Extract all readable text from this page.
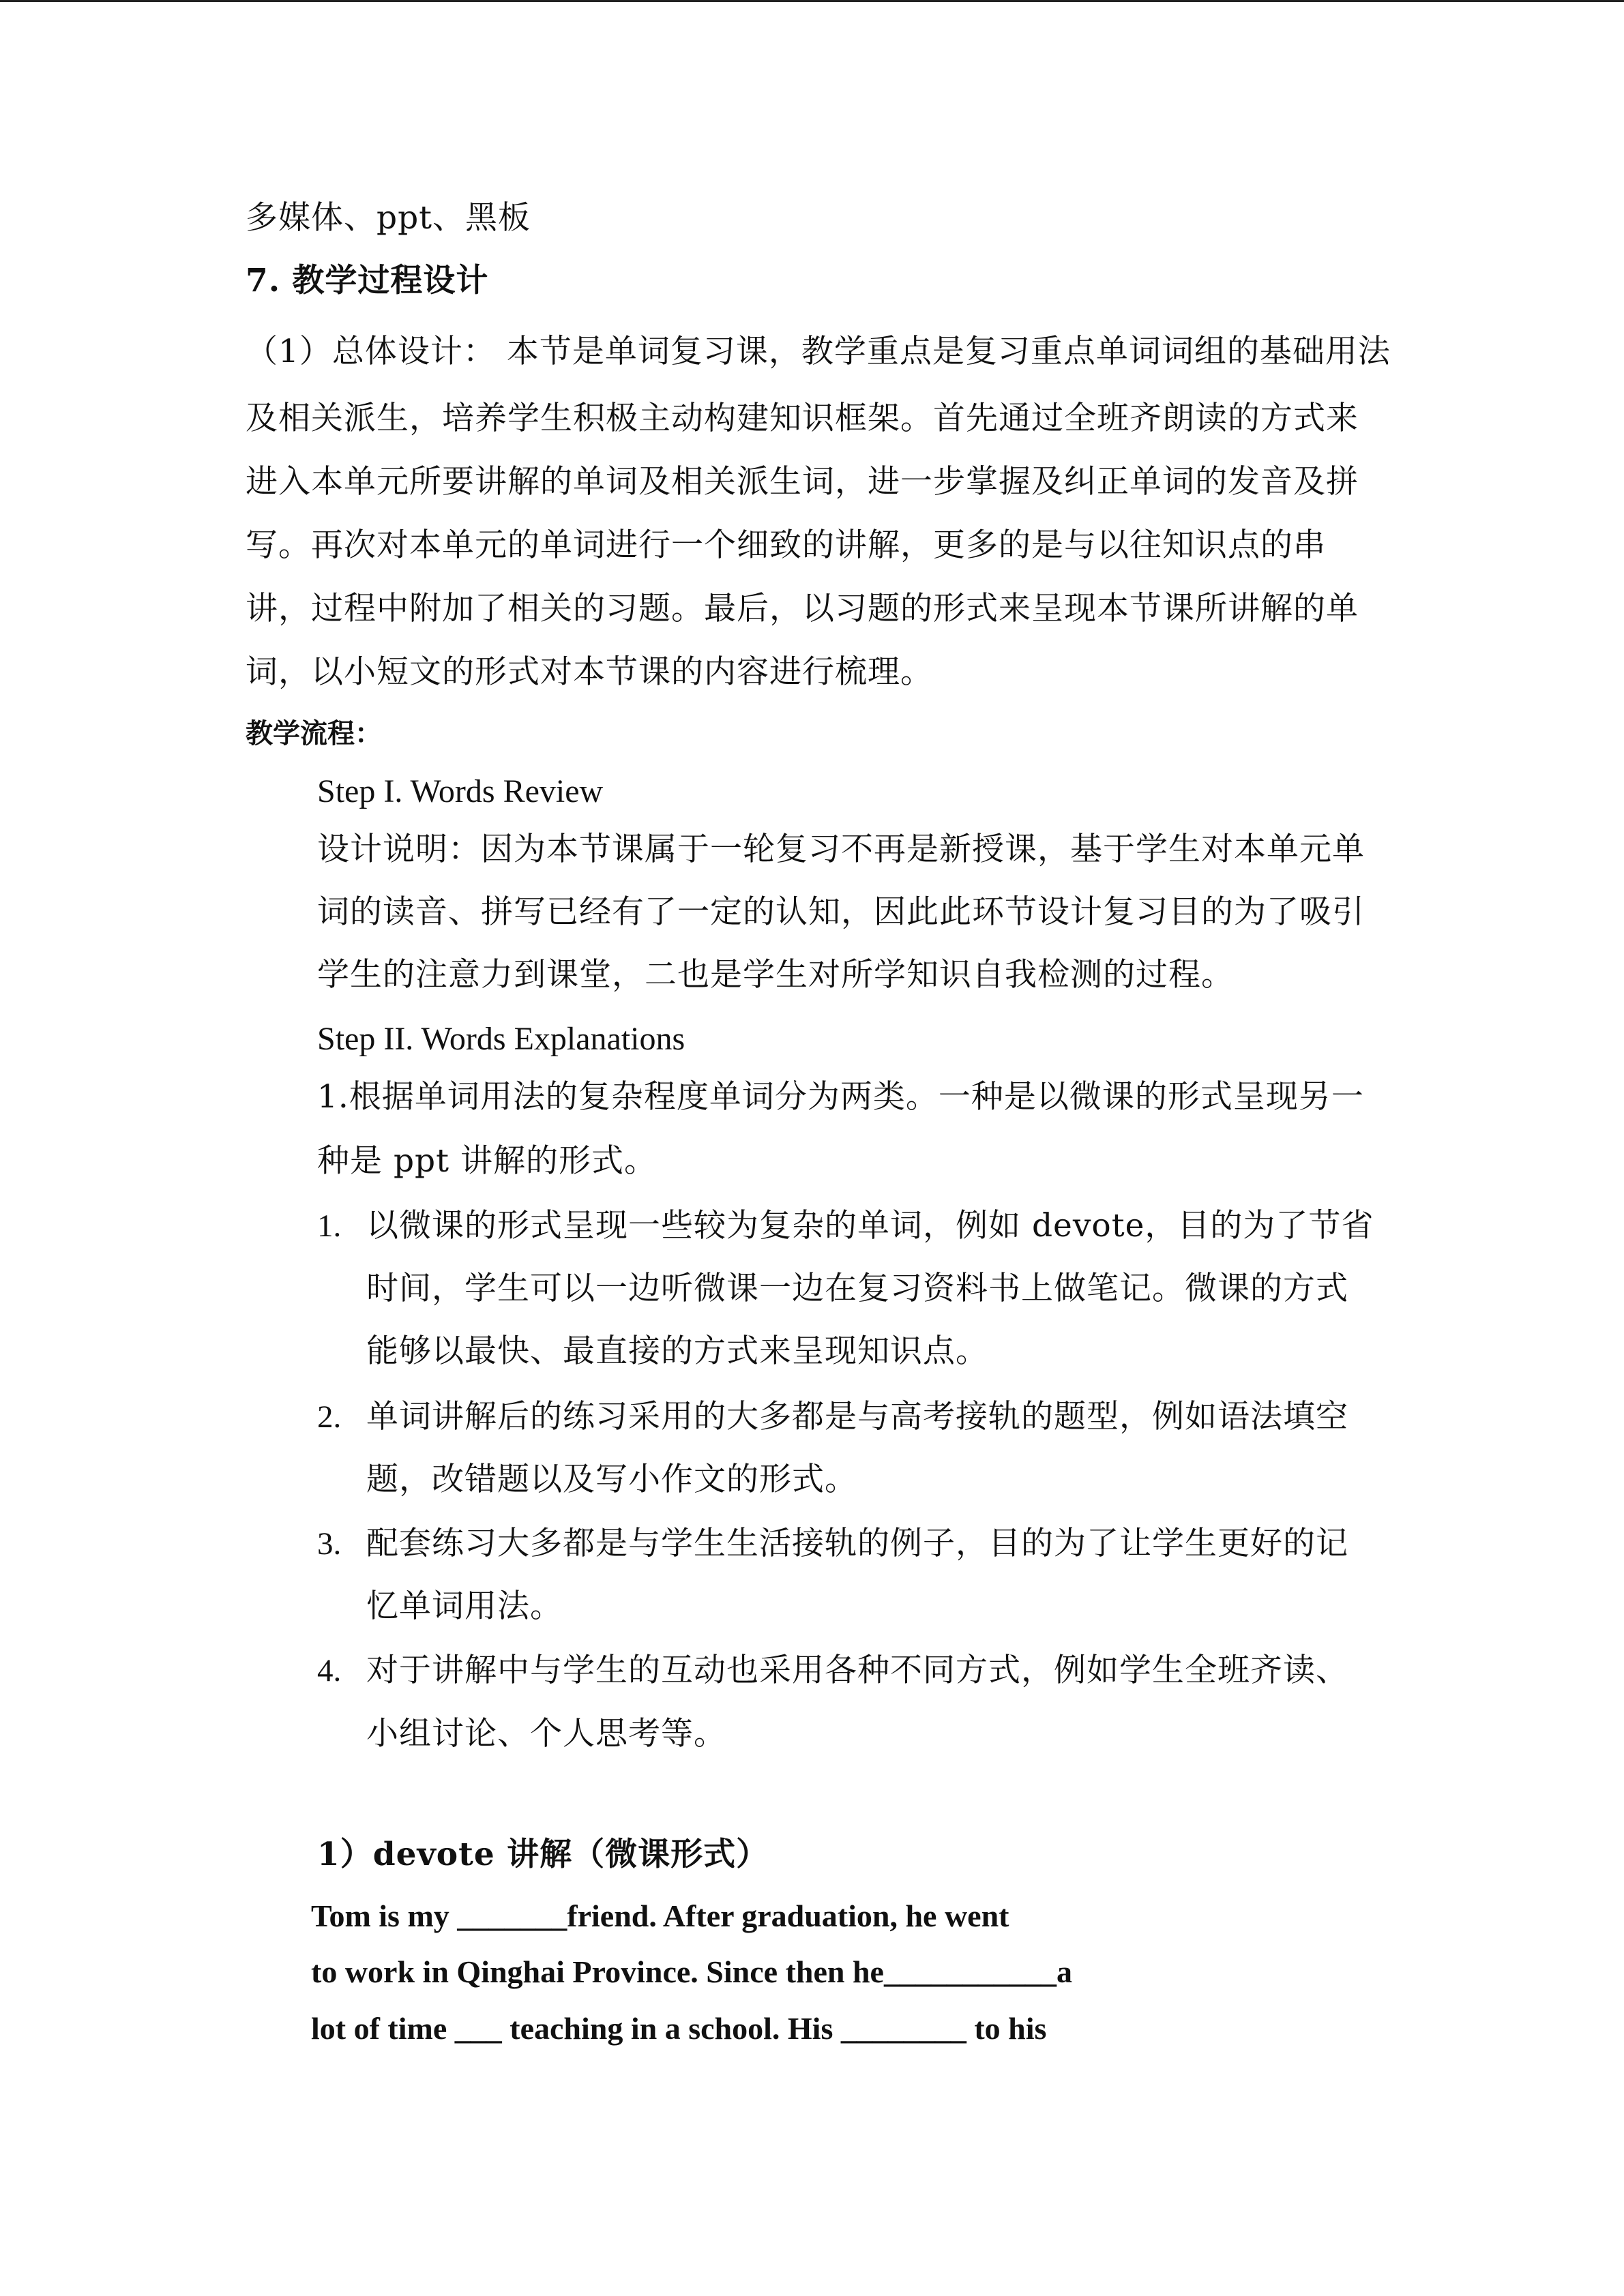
多媒体、ppt、黑板
7. 教学过程设计
（1）总体设计： 本节是单词复习课，教学重点是复习重点单词词组的基础用法
及相关派生，培养学生积极主动构建知识框架。首先通过全班齐朗读的方式来
进入本单元所要讲解的单词及相关派生词，进一步掌握及纠正单词的发音及拼
写。再次对本单元的单词进行一个细致的讲解，更多的是与以往知识点的串
讲，过程中附加了相关的习题。最后，以习题的形式来呈现本节课所讲解的单
词，以小短文的形式对本节课的内容进行梳理。
教学流程：
Step I. Words Review
设计说明：因为本节课属于一轮复习不再是新授课，基于学生对本单元单
词的读音、拼写已经有了一定的认知，因此此环节设计复习目的为了吸引
学生的注意力到课堂，二也是学生对所学知识自我检测的过程。
Step II. Words Explanations
1.根据单词用法的复杂程度单词分为两类。一种是以微课的形式呈现另一
种是 ppt 讲解的形式。
1. 以微课的形式呈现一些较为复杂的单词，例如 devote，目的为了节省
时间，学生可以一边听微课一边在复习资料书上做笔记。微课的方式
能够以最快、最直接的方式来呈现知识点。
2. 单词讲解后的练习采用的大多都是与高考接轨的题型，例如语法填空
题，改错题以及写小作文的形式。
3. 配套练习大多都是与学生生活接轨的例子，目的为了让学生更好的记
忆单词用法。
4. 对于讲解中与学生的互动也采用各种不同方式，例如学生全班齐读、
小组讨论、个人思考等。
1）devote 讲解（微课形式）
Tom is my _______friend. After graduation, he went
to work in Qinghai Province. Since then he___________a
lot of time ___ teaching in a school. His ________ to his
